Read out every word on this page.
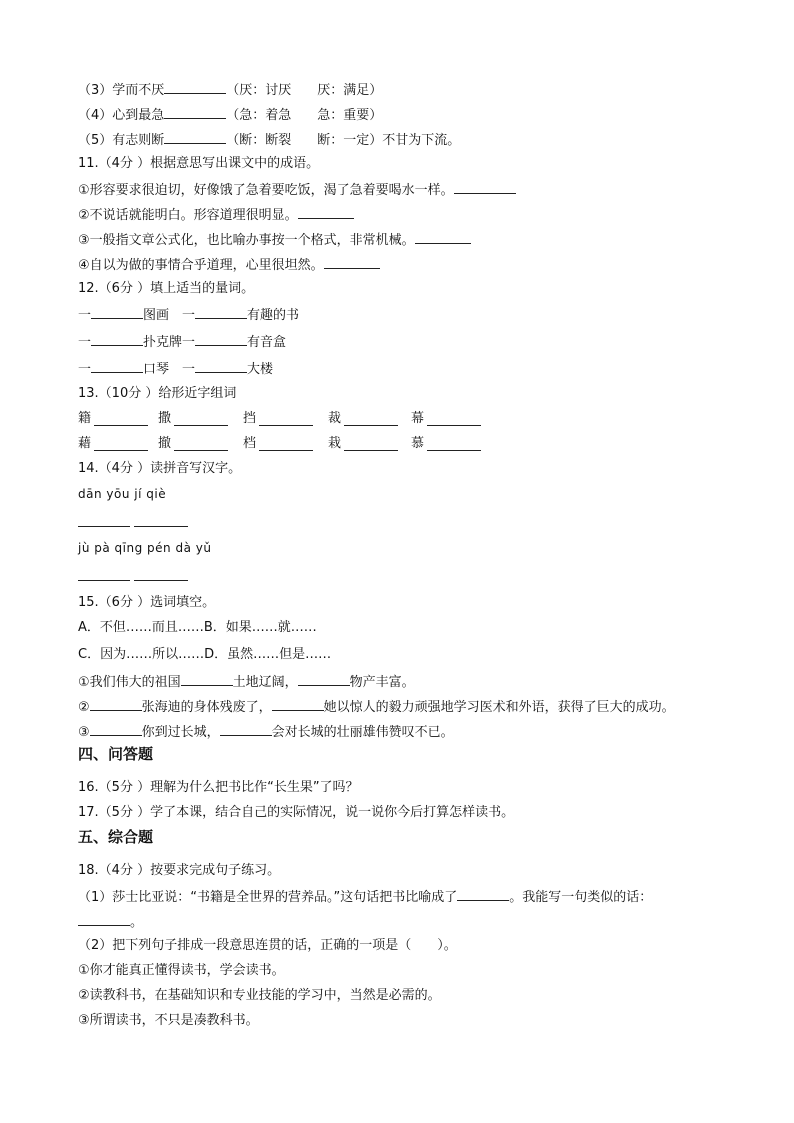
（3）学而不厌	（厌：讨厌　　厌：满足）
（4）心到最急	（急：着急　　急：重要）
（5）有志则断	（断：断裂　　断：一定）不甘为下流。
11.（4分 ）根据意思写出课文中的成语。
①形容要求很迫切，好像饿了急着要吃饭，渴了急着要喝水一样。
②不说话就能明白。形容道理很明显。
③一般指文章公式化，也比喻办事按一个格式，非常机械。
④自以为做的事情合乎道理，心里很坦然。
12.（6分 ）填上适当的量词。
一	图画　一	有趣的书
一	扑克牌一	有音盒
一	口琴　一	大楼
13.（10分 ）给形近字组词
籍	撒	挡	裁	幕
藉	撤	档	栽	慕
14.（4分 ）读拼音写汉字。
dān yōu jí qiè
jù pà qīng pén dà yǔ
15.（6分 ）选词填空。
A．不但……而且……B．如果……就……
C．因为……所以……D．虽然……但是……
①我们伟大的祖国	土地辽阔，	物产丰富。
②	张海迪的身体残废了，	她以惊人的毅力顽强地学习医术和外语，获得了巨大的成功。
③	你到过长城，	会对长城的壮丽雄伟赞叹不已。
四、问答题
16.（5分 ）理解为什么把书比作“长生果”了吗？
17.（5分 ）学了本课，结合自己的实际情况，说一说你今后打算怎样读书。
五、综合题
18.（4分 ）按要求完成句子练习。
（1）莎士比亚说：“书籍是全世界的营养品。”这句话把书比喻成了	。我能写一句类似的话：
。
（2）把下列句子排成一段意思连贯的话，正确的一项是（　　）。
①你才能真正懂得读书，学会读书。
②读教科书，在基础知识和专业技能的学习中，当然是必需的。
③所谓读书，不只是凑教科书。
